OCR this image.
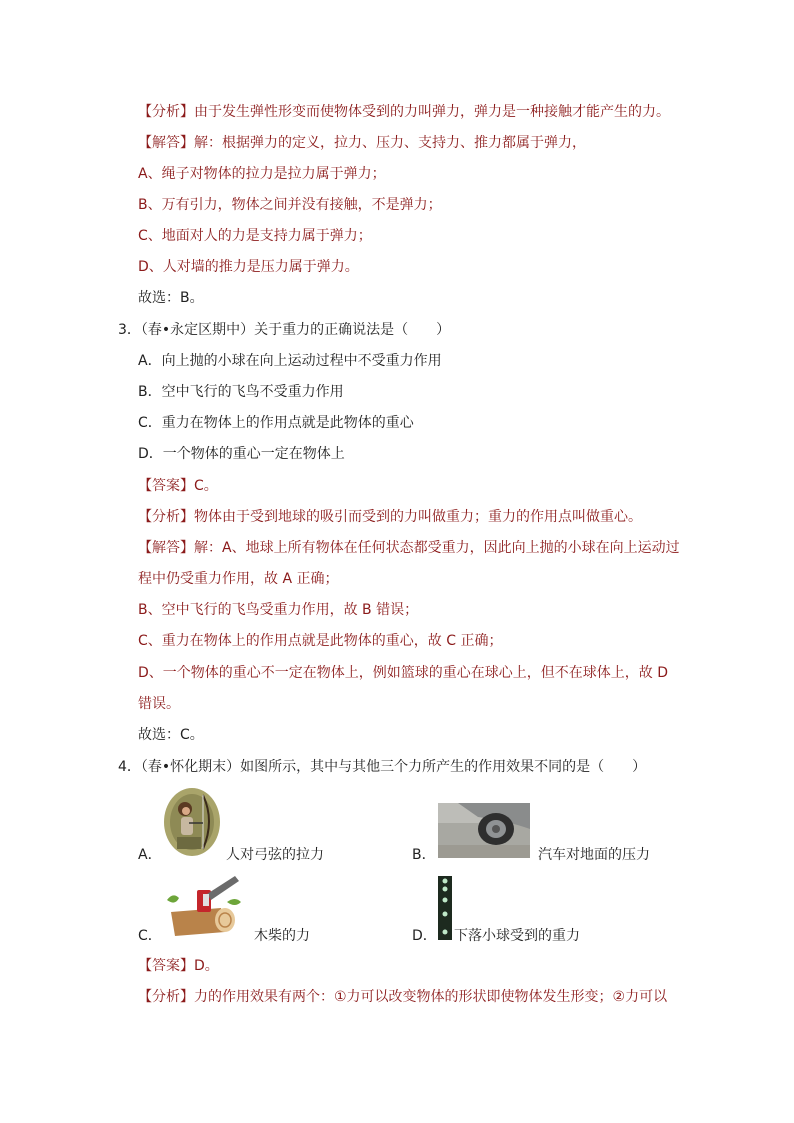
【分析】由于发生弹性形变而使物体受到的力叫弹力，弹力是一种接触才能产生的力。
【解答】解：根据弹力的定义，拉力、压力、支持力、推力都属于弹力，
A、绳子对物体的拉力是拉力属于弹力；
B、万有引力，物体之间并没有接触，不是弹力；
C、地面对人的力是支持力属于弹力；
D、人对墙的推力是压力属于弹力。
故选：B。
3．（春•永定区期中）关于重力的正确说法是（　　）
A．向上抛的小球在向上运动过程中不受重力作用
B．空中飞行的飞鸟不受重力作用
C．重力在物体上的作用点就是此物体的重心
D．一个物体的重心一定在物体上
【答案】C。
【分析】物体由于受到地球的吸引而受到的力叫做重力；重力的作用点叫做重心。
【解答】解：A、地球上所有物体在任何状态都受重力，因此向上抛的小球在向上运动过
程中仍受重力作用，故 A 正确；
B、空中飞行的飞鸟受重力作用，故 B 错误；
C、重力在物体上的作用点就是此物体的重心，故 C 正确；
D、一个物体的重心不一定在物体上，例如篮球的重心在球心上，但不在球体上，故 D
错误。
故选：C。
4．（春•怀化期末）如图所示，其中与其他三个力所产生的作用效果不同的是（　　）
A．	人对弓弦的拉力	B．	汽车对地面的压力
C．	木柴的力	D． 下落小球受到的重力
【答案】D。
【分析】力的作用效果有两个：①力可以改变物体的形状即使物体发生形变；②力可以
